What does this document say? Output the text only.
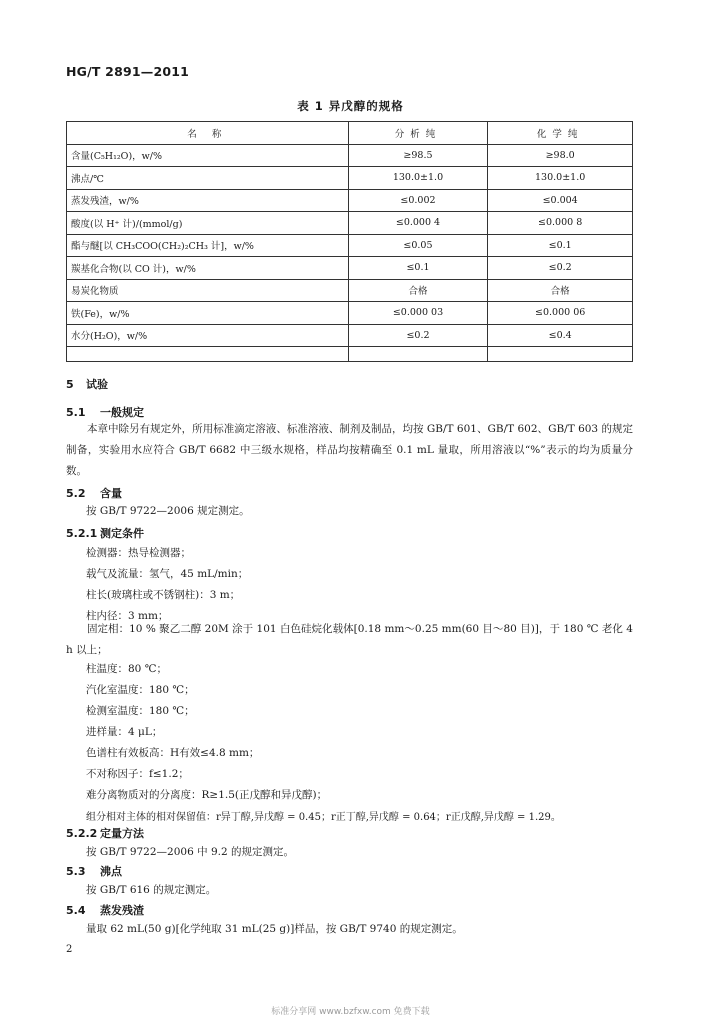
HG/T 2891—2011
表 1 异戊醇的规格
名 称	分析纯	化学纯
含量(C₅H₁₂O)，w/%	≥98.5	≥98.0
沸点/℃	130.0±1.0	130.0±1.0
蒸发残渣，w/%	≤0.002	≤0.004
酸度(以 H⁺ 计)/(mmol/g)	≤0.000 4	≤0.000 8
酯与醚[以 CH₃COO(CH₂)₂CH₃ 计]，w/%	≤0.05	≤0.1
羰基化合物(以 CO 计)，w/%	≤0.1	≤0.2
易炭化物质	合格	合格
铁(Fe)，w/%	≤0.000 03	≤0.000 06
水分(H₂O)，w/%	≤0.2	≤0.4

5 试验
5.1 一般规定
本章中除另有规定外，所用标准滴定溶液、标准溶液、制剂及制品，均按 GB/T 601、GB/T 602、GB/T 603 的规定制备，实验用水应符合 GB/T 6682 中三级水规格，样品均按精确至 0.1 mL 量取，所用溶液以“%”表示的均为质量分数。
5.2 含量
按 GB/T 9722—2006 规定测定。
5.2.1 测定条件
检测器：热导检测器；
载气及流量：氢气，45 mL/min；
柱长(玻璃柱或不锈钢柱)：3 m；
柱内径：3 mm；
固定相：10 % 聚乙二醇 20M 涂于 101 白色硅烷化载体[0.18 mm～0.25 mm(60 目～80 目)]，于 180 ℃ 老化 4 h 以上；
柱温度：80 ℃；
汽化室温度：180 ℃；
检测室温度：180 ℃；
进样量：4 μL；
色谱柱有效板高：H有效≤4.8 mm；
不对称因子：f≤1.2；
难分离物质对的分离度：R≥1.5(正戊醇和异戊醇)；
组分相对主体的相对保留值：r异丁醇,异戊醇 = 0.45；r正丁醇,异戊醇 = 0.64；r正戊醇,异戊醇 = 1.29。
5.2.2 定量方法
按 GB/T 9722—2006 中 9.2 的规定测定。
5.3 沸点
按 GB/T 616 的规定测定。
5.4 蒸发残渣
量取 62 mL(50 g)[化学纯取 31 mL(25 g)]样品，按 GB/T 9740 的规定测定。
2
标准分享网 www.bzfxw.com 免费下载
